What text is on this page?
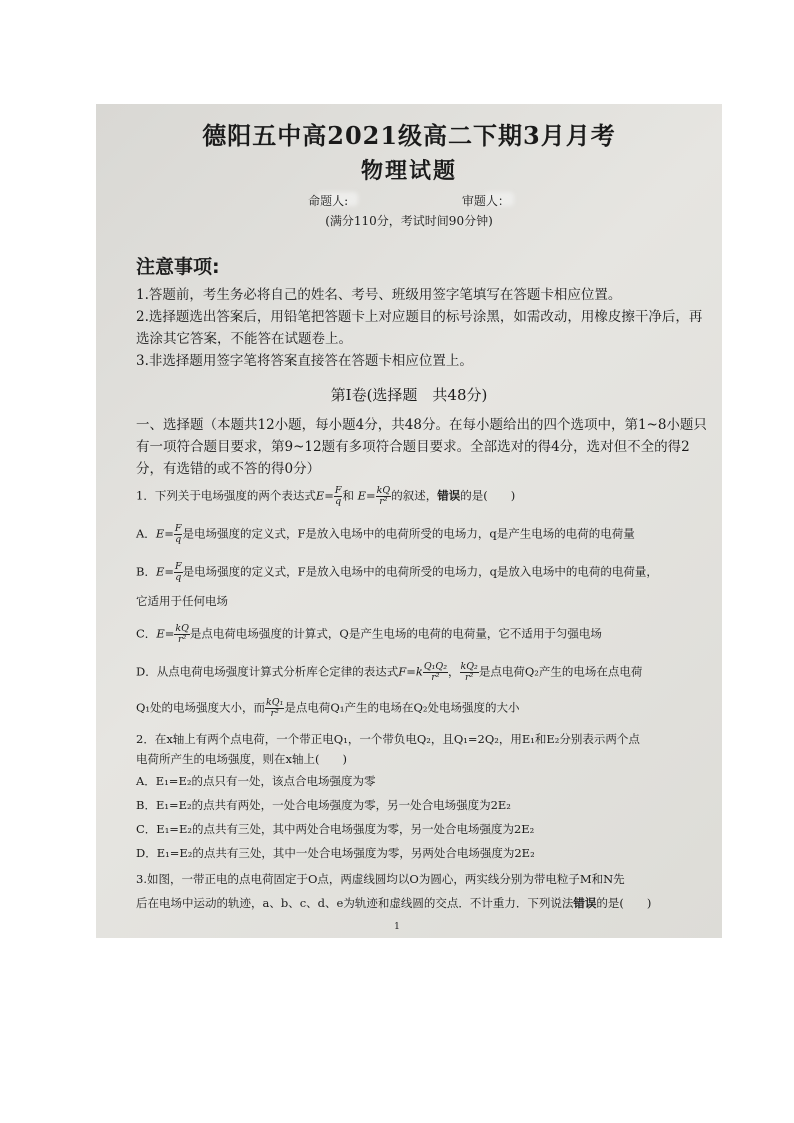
德阳五中高2021级高二下期3月月考
物理试题
命题人:	审题人：
(满分110分，考试时间90分钟)
注意事项:
1.答题前，考生务必将自己的姓名、考号、班级用签字笔填写在答题卡相应位置。
2.选择题选出答案后，用铅笔把答题卡上对应题目的标号涂黑，如需改动，用橡皮擦干净后，再选涂其它答案，不能答在试题卷上。
3.非选择题用签字笔将答案直接答在答题卡相应位置上。
第I卷(选择题　共48分)
一、选择题（本题共12小题，每小题4分，共48分。在每小题给出的四个选项中，第1~8小题只有一项符合题目要求，第9~12题有多项符合题目要求。全部选对的得4分，选对但不全的得2分，有选错的或不答的得0分）
1．下列关于电场强度的两个表达式$E= \frac{F}{q}$ 和 $E= \frac{kQ}{\text{r²}}$ 的叙述，错误的是(　　)
A．$E= \frac{F}{q}$ 是电场强度的定义式，F是放入电场中的电荷所受的电场力，q是产生电场的电荷的电荷量
B．$E= \frac{F}{q}$ 是电场强度的定义式，F是放入电场中的电荷所受的电场力，q是放入电场中的电荷的电荷量，
它适用于任何电场
C．$E= \frac{kQ}{\text{r²}}$ 是点电荷电场强度的计算式，Q是产生电场的电荷的电荷量，它不适用于匀强电场
D．从点电荷电场强度计算式分析库仑定律的表达式$F=k \frac{\text{Q₁Q₂}}{\text{r²}}$ ， $\frac{\text{kQ₂}}{\text{r²}}$ 是点电荷Q₂产生的电场在点电荷
Q₁处的电场强度大小，而 $\frac{\text{kQ₁}}{\text{r²}}$ 是点电荷Q₁产生的电场在Q₂处电场强度的大小
2．在x轴上有两个点电荷，一个带正电Q₁，一个带负电Q₂，且Q₁=2Q₂，用E₁和E₂分别表示两个点
电荷所产生的电场强度，则在x轴上(　　)
A．E₁=E₂的点只有一处，该点合电场强度为零
B．E₁=E₂的点共有两处，一处合电场强度为零，另一处合电场强度为2E₂
C．E₁=E₂的点共有三处，其中两处合电场强度为零，另一处合电场强度为2E₂
D．E₁=E₂的点共有三处，其中一处合电场强度为零，另两处合电场强度为2E₂
3.如图，一带正电的点电荷固定于O点，两虚线圆均以O为圆心，两实线分别为带电粒子M和N先
后在电场中运动的轨迹，a、b、c、d、e为轨迹和虚线圆的交点．不计重力．下列说法错误的是(　　)
1
